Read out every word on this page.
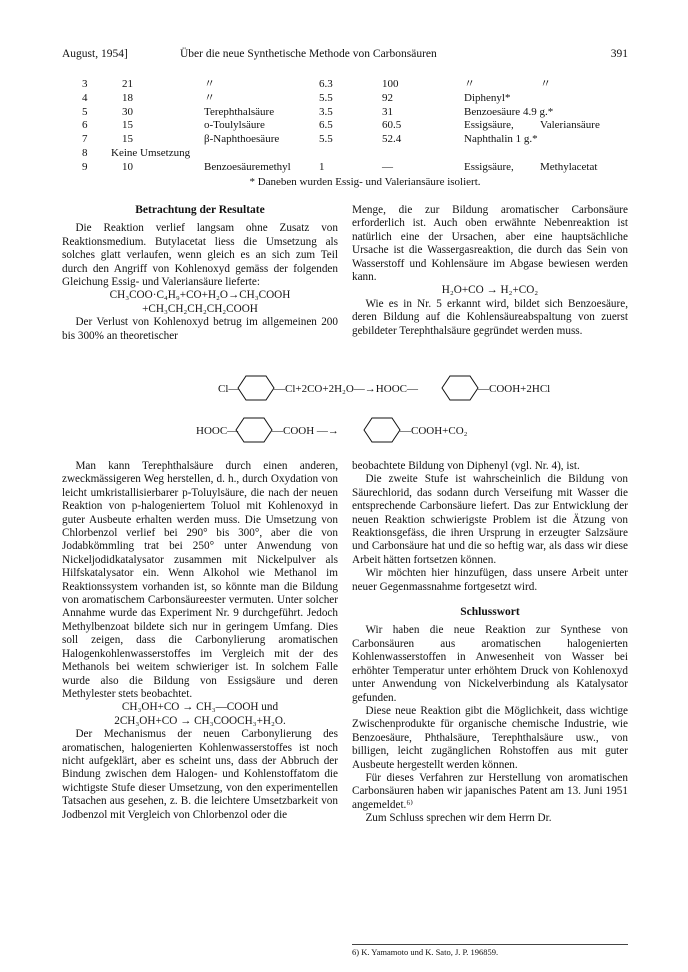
August, 1954]	Über die neue Synthetische Methode von Carbonsäuren	391
3	21	〃	6.3	100	〃	〃
4	18	〃	5.5	92	Diphenyl*
5	30	Terephthalsäure	3.5	31	Benzoesäure 4.9 g.*
6	15	o-Toulylsäure	6.5	60.5	Essigsäure, Valeriansäure
7	15	β-Naphthoesäure	5.5	52.4	Naphthalin 1 g.*
8 Keine Umsetzung
9	10	Benzoesäuremethyl	1	—	Essigsäure, Methylacetat
* Daneben wurden Essig- und Valeriansäure isoliert.
Betrachtung der Resultate

Die Reaktion verlief langsam ohne Zusatz von Reaktionsmedium. Butylacetat liess die Umsetzung als solches glatt verlaufen, wenn gleich es an sich zum Teil durch den Angriff von Kohlenoxyd gemäss der folgenden Gleichung Essig- und Valeriansäure lieferte:

CH₃COO·C₄H₉+CO+H₂O→CH₃COOH

+CH₃CH₂CH₂CH₂COOH

Der Verlust von Kohlenoxyd betrug im allgemeinen 200 bis 300% an theoretischer

Menge, die zur Bildung aromatischer Carbonsäure erforderlich ist. Auch oben erwähnte Nebenreaktion ist natürlich eine der Ursachen, aber eine hauptsächliche Ursache ist die Wassergasreaktion, die durch das Sein von Wasserstoff und Kohlensäure im Abgase bewiesen werden kann.

H₂O+CO → H₂+CO₂

Wie es in Nr. 5 erkannt wird, bildet sich Benzoesäure, deren Bildung auf die Kohlensäureabspaltung von zuerst gebildeter Terephthalsäure gegründet werden muss.

Cl—	—Cl+2CO+2H₂O—→HOOC—	—COOH+2HCl
HOOC—	—COOH —→	—COOH+CO₂

Man kann Terephthalsäure durch einen anderen, zweckmässigeren Weg herstellen, d. h., durch Oxydation von leicht umkristallisierbarer p-Toluylsäure, die nach der neuen Reaktion von p-halogeniertem Toluol mit Kohlenoxyd in guter Ausbeute erhalten werden muss. Die Umsetzung von Chlorbenzol verlief bei 290° bis 300°, aber die von Jodabkömmling trat bei 250° unter Anwendung von Nickeljodidkatalysator zusammen mit Nickelpulver als Hilfskatalysator ein. Wenn Alkohol wie Methanol im Reaktionssystem vorhanden ist, so könnte man die Bildung von aromatischem Carbonsäureester vermuten. Unter solcher Annahme wurde das Experiment Nr. 9 durchgeführt. Jedoch Methylbenzoat bildete sich nur in geringem Umfang. Dies soll zeigen, dass die Carbonylierung aromatischen Halogenkohlenwasserstoffes im Vergleich mit der des Methanols bei weitem schwieriger ist. In solchem Falle wurde also die Bildung von Essigsäure und deren Methylester stets beobachtet.

CH₃OH+CO → CH₃—COOH und

2CH₃OH+CO → CH₃COOCH₃+H₂O.

Der Mechanismus der neuen Carbonylierung des aromatischen, halogenierten Kohlenwasserstoffes ist noch nicht aufgeklärt, aber es scheint uns, dass der Abbruch der Bindung zwischen dem Halogen- und Kohlenstoffatom die wichtigste Stufe dieser Umsetzung, von den experimentellen Tatsachen aus gesehen, z. B. die leichtere Umsetzbarkeit von Jodbenzol mit Vergleich von Chlorbenzol oder die

beobachtete Bildung von Diphenyl (vgl. Nr. 4), ist.

Die zweite Stufe ist wahrscheinlich die Bildung von Säurechlorid, das sodann durch Verseifung mit Wasser die entsprechende Carbonsäure liefert. Das zur Entwicklung der neuen Reaktion schwierigste Problem ist die Ätzung von Reaktionsgefäss, die ihren Ursprung in erzeugter Salzsäure und Carbonsäure hat und die so heftig war, als dass wir diese Arbeit hätten fortsetzen können.

Wir möchten hier hinzufügen, dass unsere Arbeit unter neuer Gegenmassnahme fortgesetzt wird.

Schlusswort

Wir haben die neue Reaktion zur Synthese von Carbonsäuren aus aromatischen halogenierten Kohlenwasserstoffen in Anwesenheit von Wasser bei erhöhter Temperatur unter erhöhtem Druck von Kohlenoxyd unter Anwendung von Nickelverbindung als Katalysator gefunden.

Diese neue Reaktion gibt die Möglichkeit, dass wichtige Zwischenprodukte für organische chemische Industrie, wie Benzoesäure, Phthalsäure, Terephthalsäure usw., von billigen, leicht zugänglichen Rohstoffen aus mit guter Ausbeute hergestellt werden können.

Für dieses Verfahren zur Herstellung von aromatischen Carbonsäuren haben wir japanisches Patent am 13. Juni 1951 angemeldet.⁶⁾

Zum Schluss sprechen wir dem Herrn Dr.

6) K. Yamamoto und K. Sato, J. P. 196859.
